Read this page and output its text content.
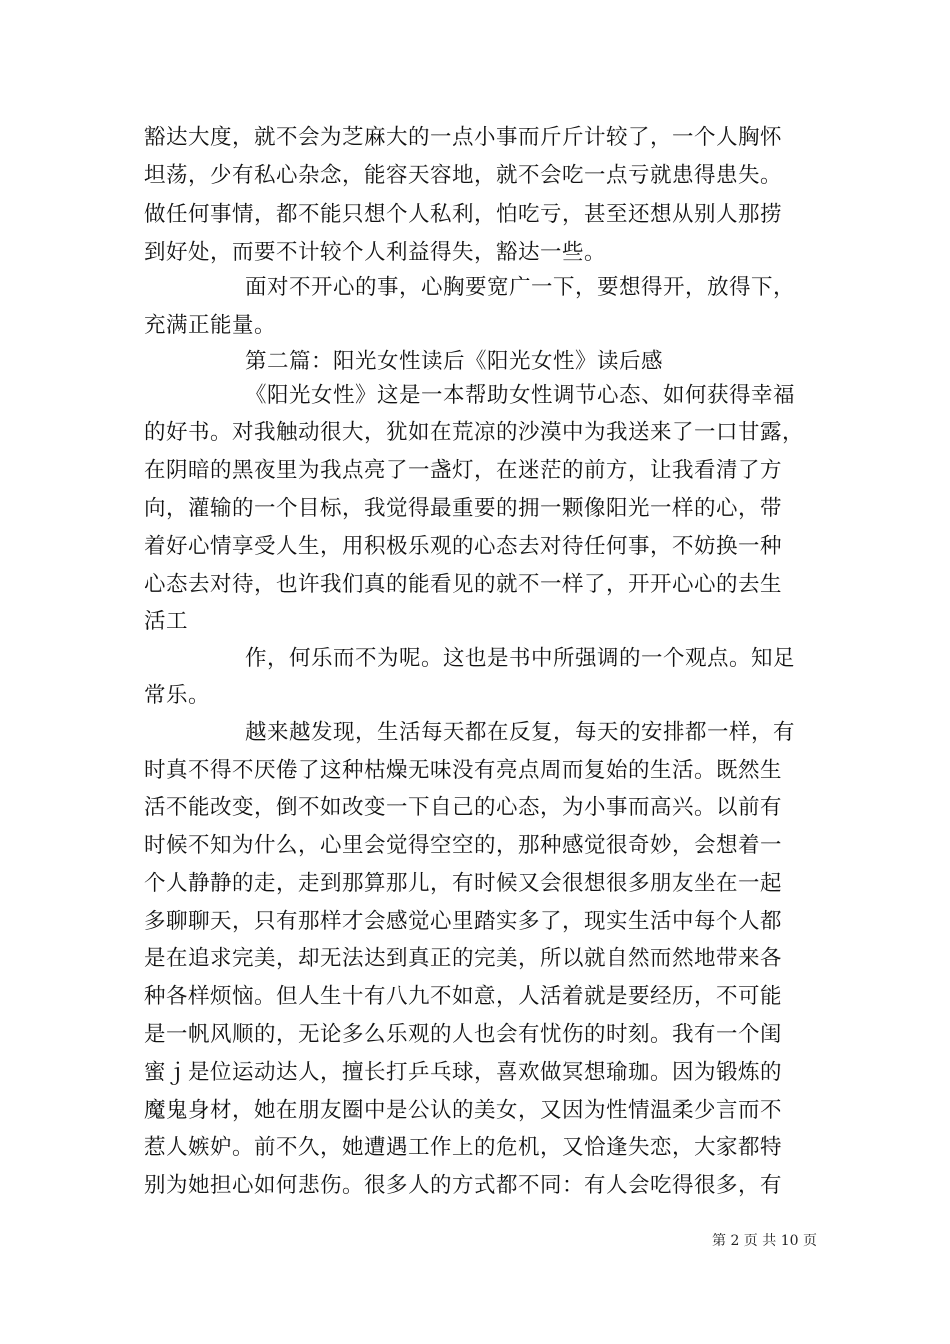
豁达大度，就不会为芝麻大的一点小事而斤斤计较了，一个人胸怀
坦荡，少有私心杂念，能容天容地，就不会吃一点亏就患得患失。
做任何事情，都不能只想个人私利，怕吃亏，甚至还想从别人那捞
到好处，而要不计较个人利益得失，豁达一些。
面对不开心的事，心胸要宽广一下，要想得开，放得下，
充满正能量。
第二篇：阳光女性读后《阳光女性》读后感
《阳光女性》这是一本帮助女性调节心态、如何获得幸福
的好书。对我触动很大，犹如在荒凉的沙漠中为我送来了一口甘露，
在阴暗的黑夜里为我点亮了一盏灯，在迷茫的前方，让我看清了方
向，灌输的一个目标，我觉得最重要的拥一颗像阳光一样的心，带
着好心情享受人生，用积极乐观的心态去对待任何事，不妨换一种
心态去对待，也许我们真的能看见的就不一样了，开开心心的去生
活工
作，何乐而不为呢。这也是书中所强调的一个观点。知足
常乐。
越来越发现，生活每天都在反复，每天的安排都一样，有
时真不得不厌倦了这种枯燥无味没有亮点周而复始的生活。既然生
活不能改变，倒不如改变一下自己的心态，为小事而高兴。以前有
时候不知为什么，心里会觉得空空的，那种感觉很奇妙，会想着一
个人静静的走，走到那算那儿，有时候又会很想很多朋友坐在一起
多聊聊天，只有那样才会感觉心里踏实多了，现实生活中每个人都
是在追求完美，却无法达到真正的完美，所以就自然而然地带来各
种各样烦恼。但人生十有八九不如意，人活着就是要经历，不可能
是一帆风顺的，无论多么乐观的人也会有忧伤的时刻。我有一个闺
蜜ｊ是位运动达人，擅长打乒乓球，喜欢做冥想瑜珈。因为锻炼的
魔鬼身材，她在朋友圈中是公认的美女，又因为性情温柔少言而不
惹人嫉妒。前不久，她遭遇工作上的危机，又恰逢失恋，大家都特
别为她担心如何悲伤。很多人的方式都不同：有人会吃得很多，有
第 2 页 共 10 页
